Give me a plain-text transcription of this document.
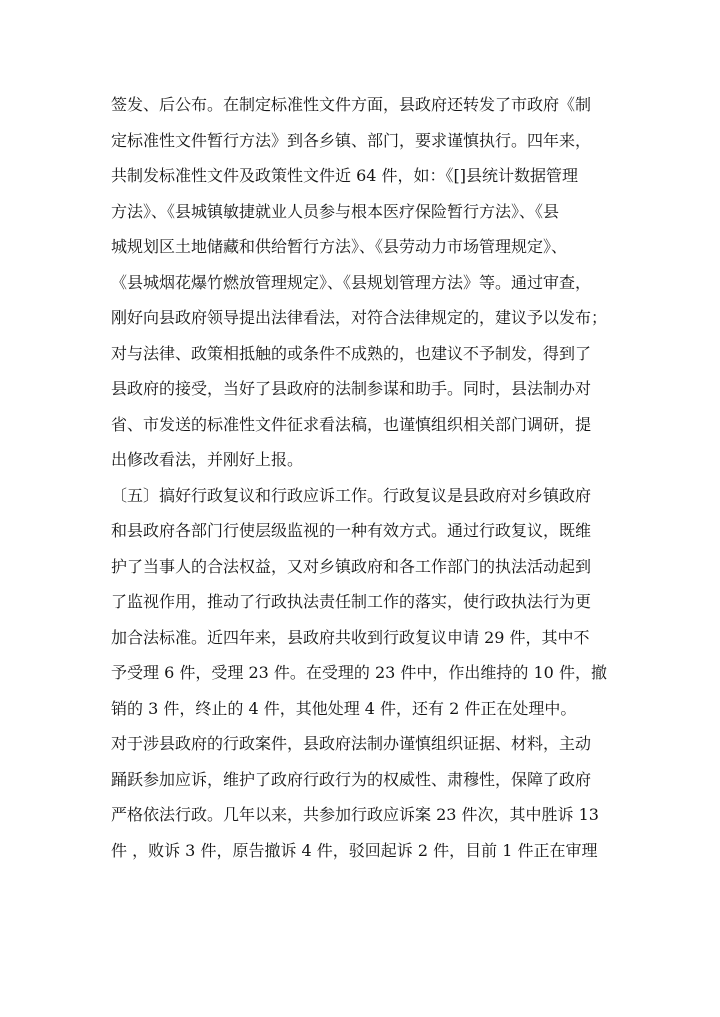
签发、后公布。在制定标准性文件方面，县政府还转发了市政府《制
定标准性文件暂行方法》到各乡镇、部门，要求谨慎执行。四年来，
共制发标准性文件及政策性文件近 64 件，如：《[]县统计数据管理
方法》、《县城镇敏捷就业人员参与根本医疗保险暂行方法》、《县
城规划区土地储藏和供给暂行方法》、《县劳动力市场管理规定》、
《县城烟花爆竹燃放管理规定》、《县规划管理方法》等。通过审查，
刚好向县政府领导提出法律看法，对符合法律规定的，建议予以发布；
对与法律、政策相抵触的或条件不成熟的，也建议不予制发，得到了
县政府的接受，当好了县政府的法制参谋和助手。同时，县法制办对
省、市发送的标准性文件征求看法稿，也谨慎组织相关部门调研，提
出修改看法，并刚好上报。
〔五〕搞好行政复议和行政应诉工作。行政复议是县政府对乡镇政府
和县政府各部门行使层级监视的一种有效方式。通过行政复议，既维
护了当事人的合法权益，又对乡镇政府和各工作部门的执法活动起到
了监视作用，推动了行政执法责任制工作的落实，使行政执法行为更
加合法标准。近四年来，县政府共收到行政复议申请 29 件，其中不
予受理 6 件，受理 23 件。在受理的 23 件中，作出维持的 10 件，撤
销的 3 件，终止的 4 件，其他处理 4 件，还有 2 件正在处理中。
对于涉县政府的行政案件，县政府法制办谨慎组织证据、材料，主动
踊跃参加应诉，维护了政府行政行为的权威性、肃穆性，保障了政府
严格依法行政。几年以来，共参加行政应诉案 23 件次，其中胜诉 13
件 ，败诉 3 件，原告撤诉 4 件，驳回起诉 2 件，目前 1 件正在审理
